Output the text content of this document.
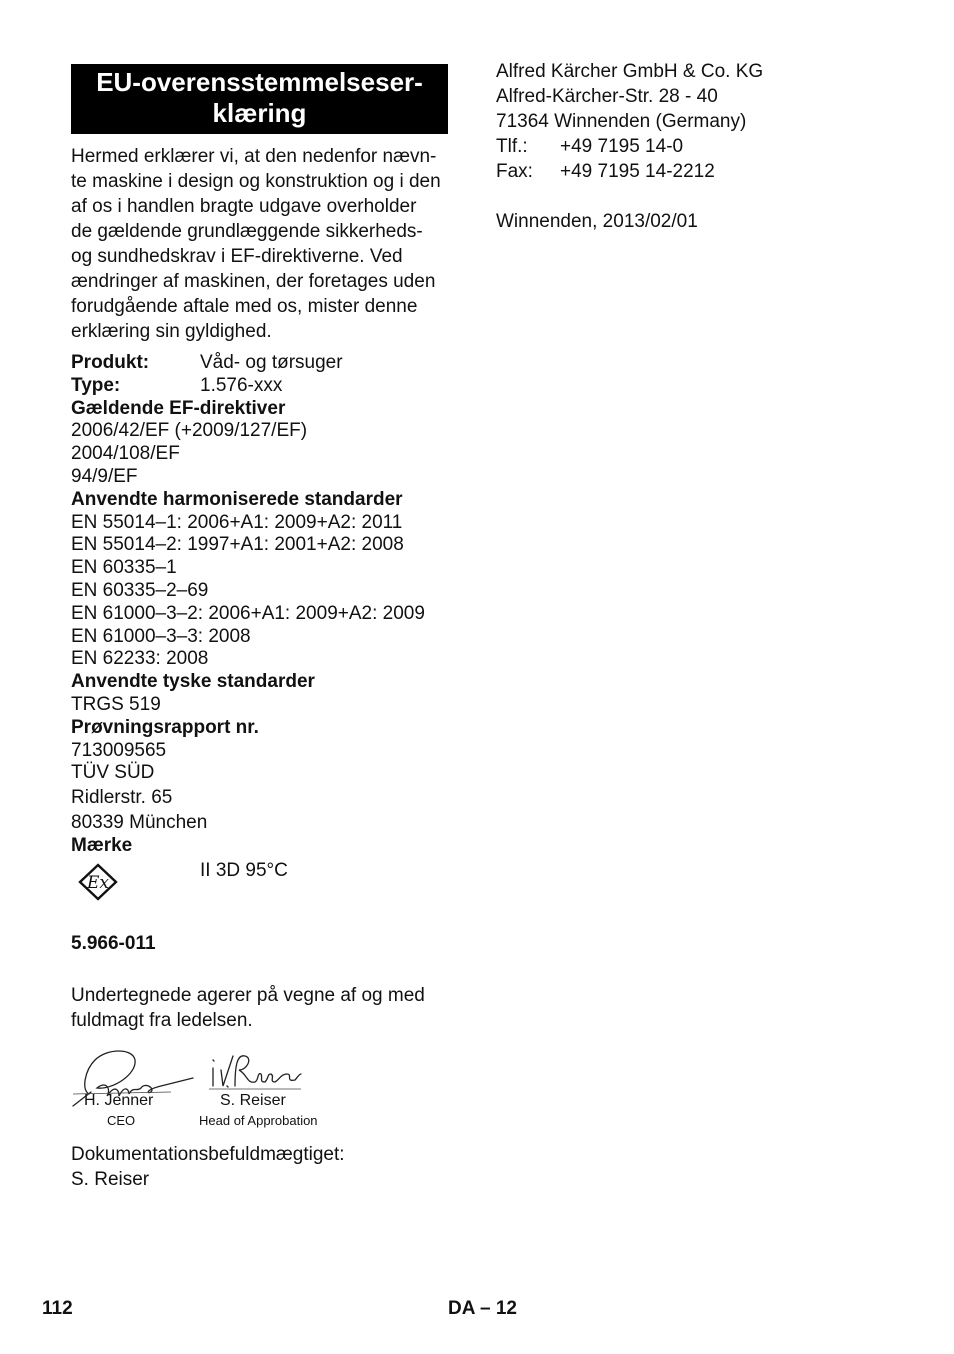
EU-overensstemmelseser-
klæring
Hermed erklærer vi, at den nedenfor nævn-
te maskine i design og konstruktion og i den
af os i handlen bragte udgave overholder
de gældende grundlæggende sikkerheds-
og sundhedskrav i EF-direktiverne. Ved
ændringer af maskinen, der foretages uden
forudgående aftale med os, mister denne
erklæring sin gyldighed.
Produkt:	Våd- og tørsuger
Type:	1.576-xxx
Gældende EF-direktiver
2006/42/EF (+2009/127/EF)
2004/108/EF
94/9/EF
Anvendte harmoniserede standarder
EN 55014–1: 2006+A1: 2009+A2: 2011
EN 55014–2: 1997+A1: 2001+A2: 2008
EN 60335–1
EN 60335–2–69
EN 61000–3–2: 2006+A1: 2009+A2: 2009
EN 61000–3–3: 2008
EN 62233: 2008
Anvendte tyske standarder
TRGS 519
Prøvningsrapport nr.
713009565
TÜV SÜD
Ridlerstr. 65
80339 München
Mærke
Ex
II 3D 95°C
5.966-011
Undertegnede agerer på vegne af og med
fuldmagt fra ledelsen.
H. Jenner
CEO
S. Reiser
Head of Approbation
Dokumentationsbefuldmægtiget:
S. Reiser
Alfred Kärcher GmbH & Co. KG
Alfred-Kärcher-Str. 28 - 40
71364 Winnenden (Germany)
Tlf.:	+49 7195 14-0
Fax:	+49 7195 14-2212
Winnenden, 2013/02/01
112	DA – 12
